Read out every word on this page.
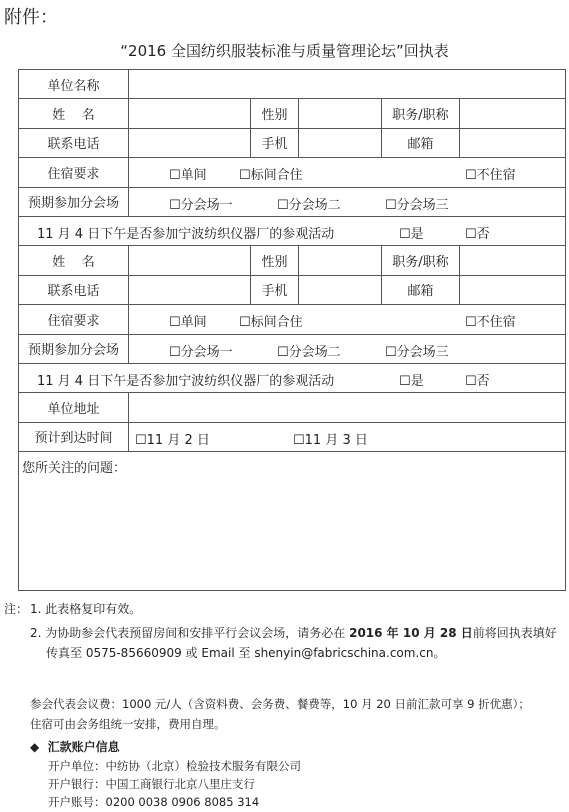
附件：
“2016 全国纺织服装标准与质量管理论坛”回执表
单位名称					
姓    名		性别		职务/职称	
联系电话		手机		邮箱	
住宿要求	☐单间 ☐标间合住 ☐不住宿				

预期参加分会场	☐分会场一 ☐分会场二 ☐分会场三				

11 月 4 日下午是否参加宁波纺织仪器厂的参观活动 ☐是 ☐否					

姓    名		性别		职务/职称	
联系电话		手机		邮箱	
住宿要求	☐单间 ☐标间合住 ☐不住宿				

预期参加分会场	☐分会场一 ☐分会场二 ☐分会场三				

11 月 4 日下午是否参加宁波纺织仪器厂的参观活动 ☐是 ☐否					

单位地址					
预计到达时间	☐11 月 2 日 ☐11 月 3 日				

您所关注的问题：					
注： 1. 此表格复印有效。
2. 为协助参会代表预留房间和安排平行会议会场，请务必在 2016 年 10 月 28 日前将回执表填好
传真至 0575-85660909 或 Email 至 shenyin@fabricschina.com.cn。
参会代表会议费：1000 元/人（含资料费、会务费、餐费等，10 月 20 日前汇款可享 9 折优惠）；
住宿可由会务组统一安排，费用自理。
◆ 汇款账户信息
开户单位：中纺协（北京）检验技术服务有限公司
开户银行：中国工商银行北京八里庄支行
开户账号：0200 0038 0906 8085 314
